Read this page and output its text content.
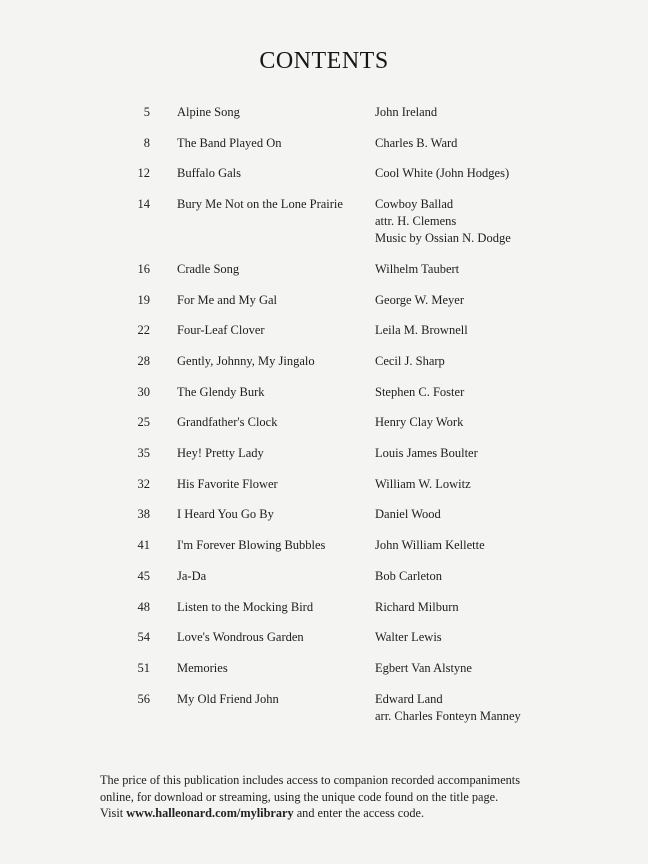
CONTENTS
5 Alpine Song	John Ireland
8 The Band Played On	Charles B. Ward
12 Buffalo Gals	Cool White (John Hodges)
14 Bury Me Not on the Lone Prairie	Cowboy Ballad
attr. H. Clemens
Music by Ossian N. Dodge
16 Cradle Song	Wilhelm Taubert
19 For Me and My Gal	George W. Meyer
22 Four-Leaf Clover	Leila M. Brownell
28 Gently, Johnny, My Jingalo	Cecil J. Sharp
30 The Glendy Burk	Stephen C. Foster
25 Grandfather's Clock	Henry Clay Work
35 Hey! Pretty Lady	Louis James Boulter
32 His Favorite Flower	William W. Lowitz
38 I Heard You Go By	Daniel Wood
41 I'm Forever Blowing Bubbles	John William Kellette
45 Ja-Da	Bob Carleton
48 Listen to the Mocking Bird	Richard Milburn
54 Love's Wondrous Garden	Walter Lewis
51 Memories	Egbert Van Alstyne
56 My Old Friend John	Edward Land
arr. Charles Fonteyn Manney
The price of this publication includes access to companion recorded accompaniments
online, for download or streaming, using the unique code found on the title page.
Visit www.halleonard.com/mylibrary and enter the access code.
